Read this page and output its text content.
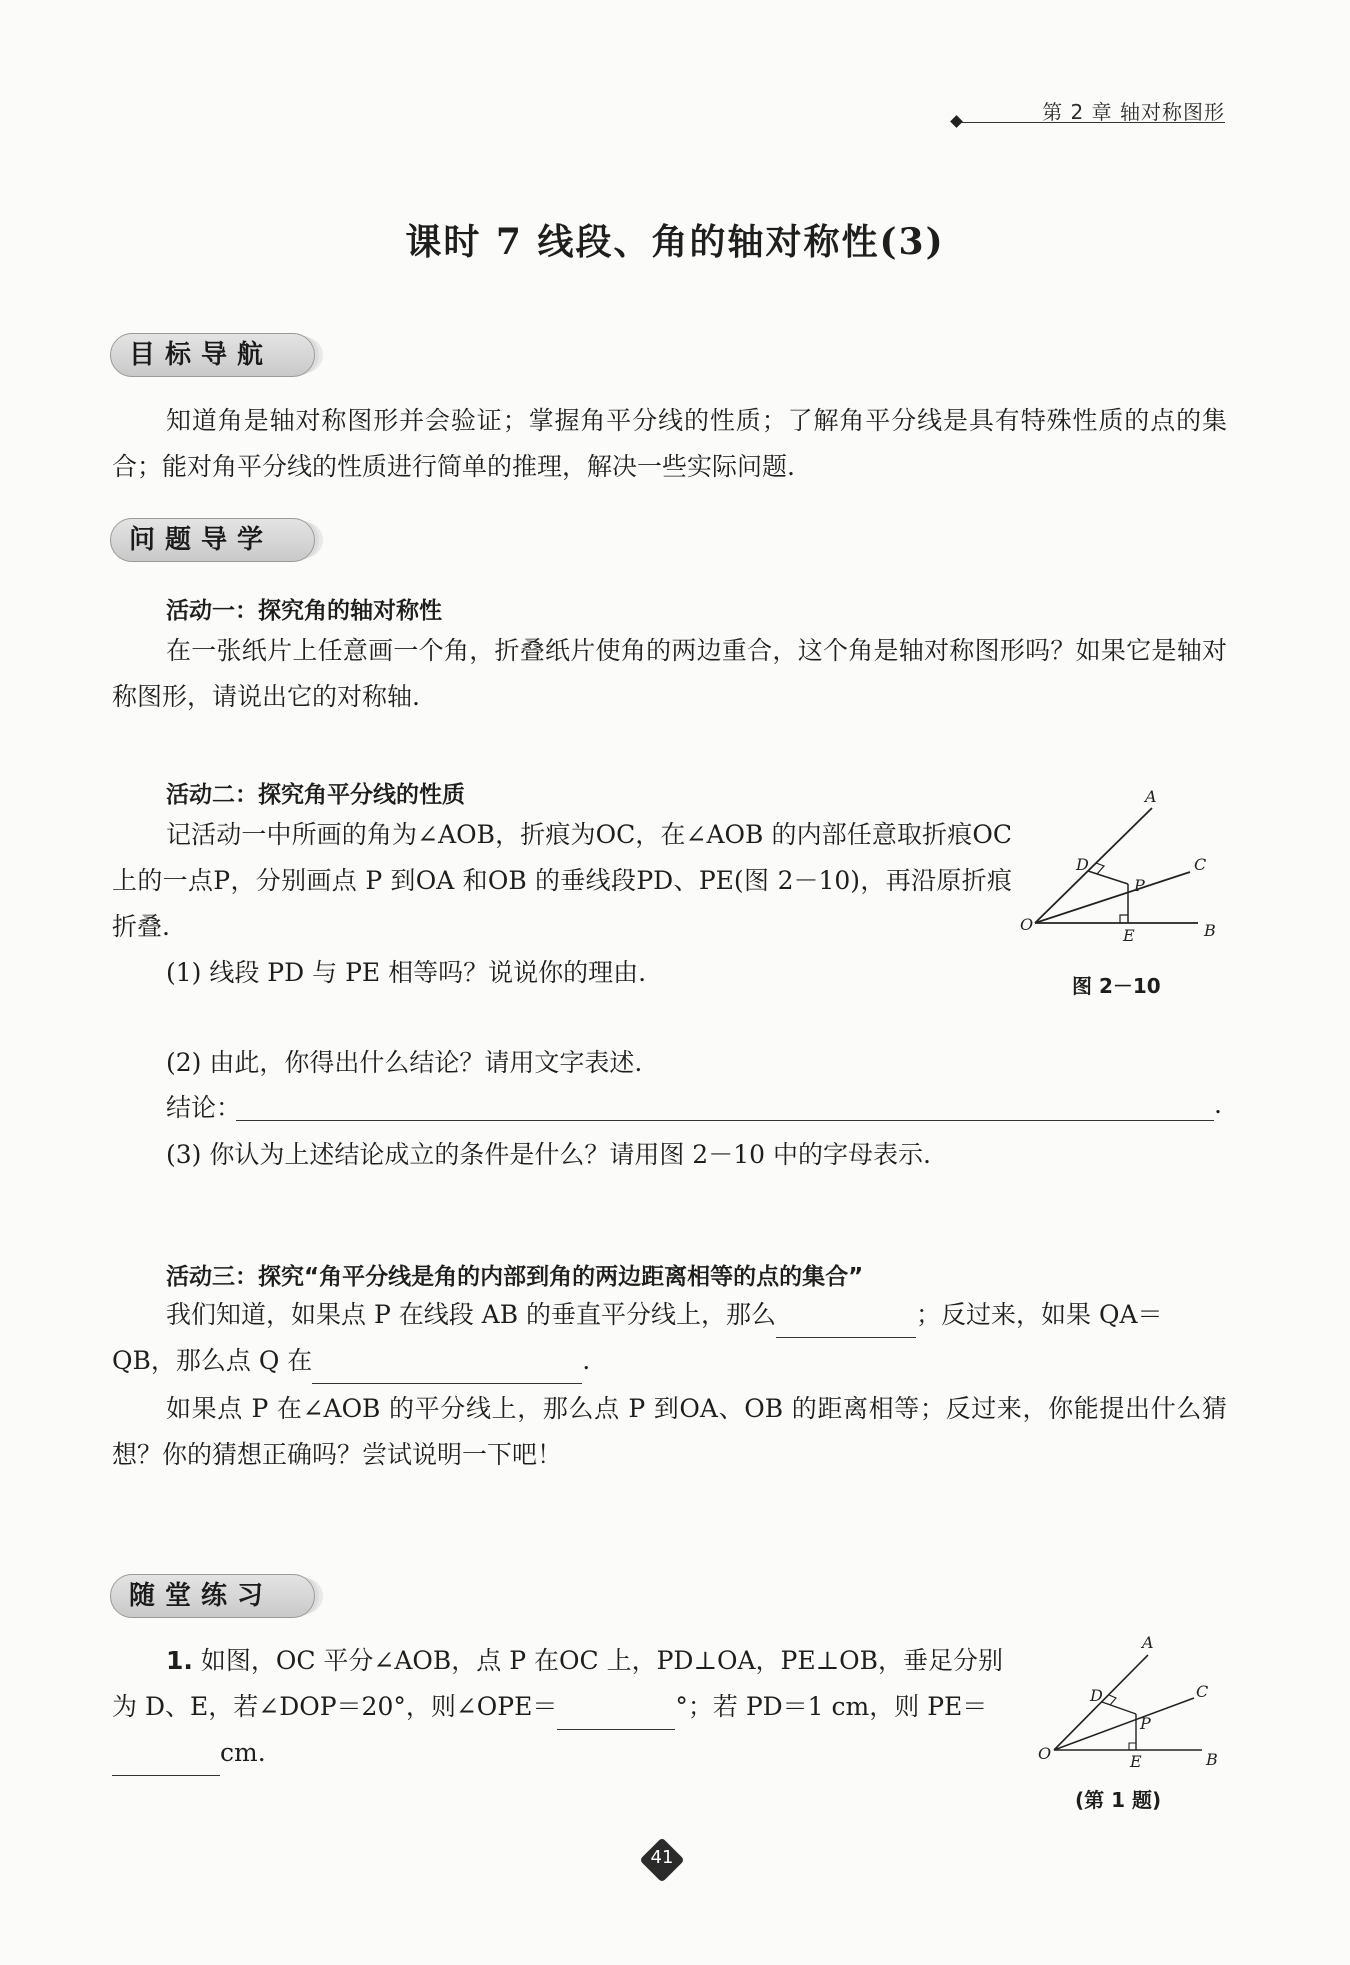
第 2 章 轴对称图形
课时 7 线段、角的轴对称性(3)
目标导航
知道角是轴对称图形并会验证；掌握角平分线的性质；了解角平分线是具有特殊性质的点的集合；能对角平分线的性质进行简单的推理，解决一些实际问题.
问题导学
活动一：探究角的轴对称性
在一张纸片上任意画一个角，折叠纸片使角的两边重合，这个角是轴对称图形吗？如果它是轴对称图形，请说出它的对称轴.
活动二：探究角平分线的性质
记活动一中所画的角为∠AOB，折痕为OC，在∠AOB 的内部任意取折痕OC 上的一点P，分别画点 P 到OA 和OB 的垂线段PD、PE(图 2－10)，再沿原折痕折叠.
(1) 线段 PD 与 PE 相等吗？说说你的理由.
A
B
C
D
E
O
P
图 2－10
(2) 由此，你得出什么结论？请用文字表述.
结论：	.
(3) 你认为上述结论成立的条件是什么？请用图 2－10 中的字母表示.
活动三：探究“角平分线是角的内部到角的两边距离相等的点的集合”
我们知道，如果点 P 在线段 AB 的垂直平分线上，那么	；反过来，如果 QA＝
QB，那么点 Q 在	.
如果点 P 在∠AOB 的平分线上，那么点 P 到OA、OB 的距离相等；反过来，你能提出什么猜想？你的猜想正确吗？尝试说明一下吧！
随堂练习
1. 如图，OC 平分∠AOB，点 P 在OC 上，PD⊥OA，PE⊥OB，垂足分别
为 D、E，若∠DOP＝20°，则∠OPE＝	°；若 PD＝1 cm，则 PE＝
cm.
A
B
C
D
E
O
P
(第 1 题)
41
